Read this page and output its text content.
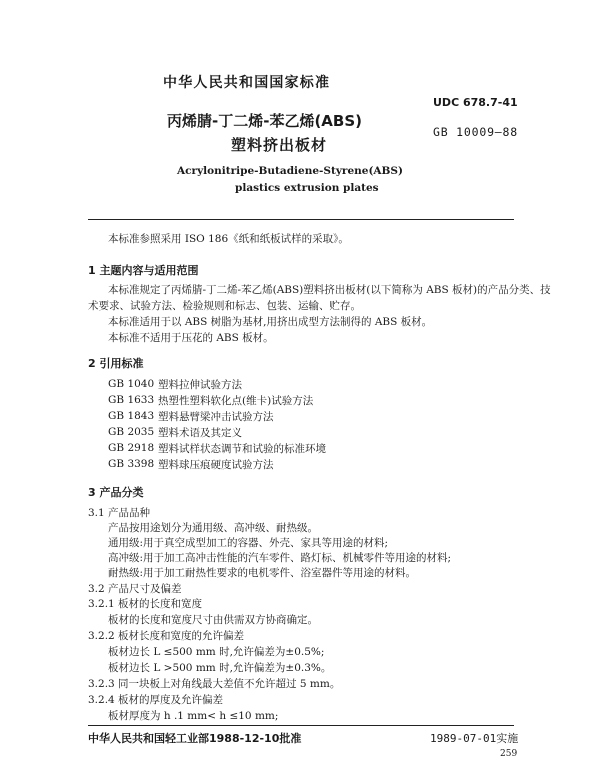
中华人民共和国国家标准
UDC 678.7-41
GB 10009—88
丙烯腈-丁二烯-苯乙烯(ABS)
塑料挤出板材
Acrylonitripe-Butadiene-Styrene(ABS)
plastics extrusion plates
本标准参照采用 ISO 186《纸和纸板试样的采取》。
1 主题内容与适用范围
本标准规定了丙烯腈-丁二烯-苯乙烯(ABS)塑料挤出板材(以下简称为 ABS 板材)的产品分类、技
术要求、试验方法、检验规则和标志、包装、运输、贮存。
本标准适用于以 ABS 树脂为基材,用挤出成型方法制得的 ABS 板材。
本标准不适用于压花的 ABS 板材。
2 引用标准
GB 1040 塑料拉伸试验方法
GB 1633 热塑性塑料软化点(维卡)试验方法
GB 1843 塑料悬臂梁冲击试验方法
GB 2035 塑料术语及其定义
GB 2918 塑料试样状态调节和试验的标准环境
GB 3398 塑料球压痕硬度试验方法
3 产品分类
3.1 产品品种
产品按用途划分为通用级、高冲级、耐热级。
通用级:用于真空成型加工的容器、外壳、家具等用途的材料;
高冲级:用于加工高冲击性能的汽车零件、路灯标、机械零件等用途的材料;
耐热级:用于加工耐热性要求的电机零件、浴室器件等用途的材料。
3.2 产品尺寸及偏差
3.2.1 板材的长度和宽度
板材的长度和宽度尺寸由供需双方协商确定。
3.2.2 板材长度和宽度的允许偏差
板材边长 L ≤500 mm 时,允许偏差为±0.5%;
板材边长 L >500 mm 时,允许偏差为±0.3%。
3.2.3 同一块板上对角线最大差值不允许超过 5 mm。
3.2.4 板材的厚度及允许偏差
板材厚度为 h .1 mm< h ≤10 mm;
中华人民共和国轻工业部1988-12-10批准	1989-07-01实施
259
